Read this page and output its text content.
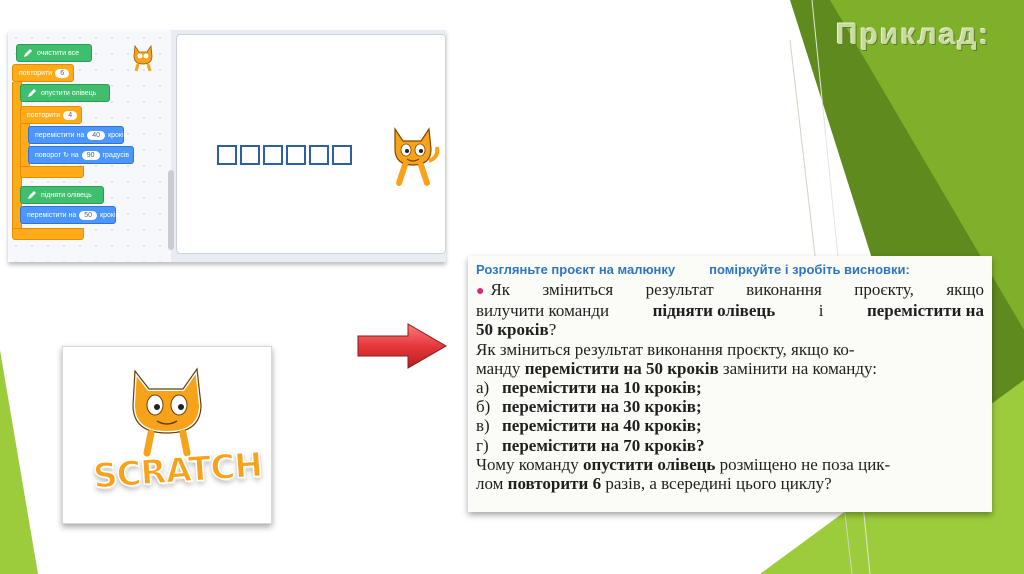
Приклад:
очистити все
повторити	6
опустити олівець
повторити	4
перемістити на	40	кроків
поворот ↻ на	90	градусів
підняти олівець
перемістити на	50	кроків
SCRATCH
Розгляньте проєкт на малюнку	поміркуйте і зробіть висновки:
● Як зміниться результат виконання проєкту, якщо
вилучити команди	підняти олівець	і	перемістити на
50 кроків ?
Як зміниться результат виконання проєкту, якщо ко-
манду
перемістити на 50 кроків
замінити на команду:
а) перемістити на 10 кроків;
б) перемістити на 30 кроків;
в) перемістити на 40 кроків;
г) перемістити на 70 кроків?
Чому команду
опустити олівець
розміщено не поза цик-
лом
повторити 6
разів, а всередині цього циклу?
